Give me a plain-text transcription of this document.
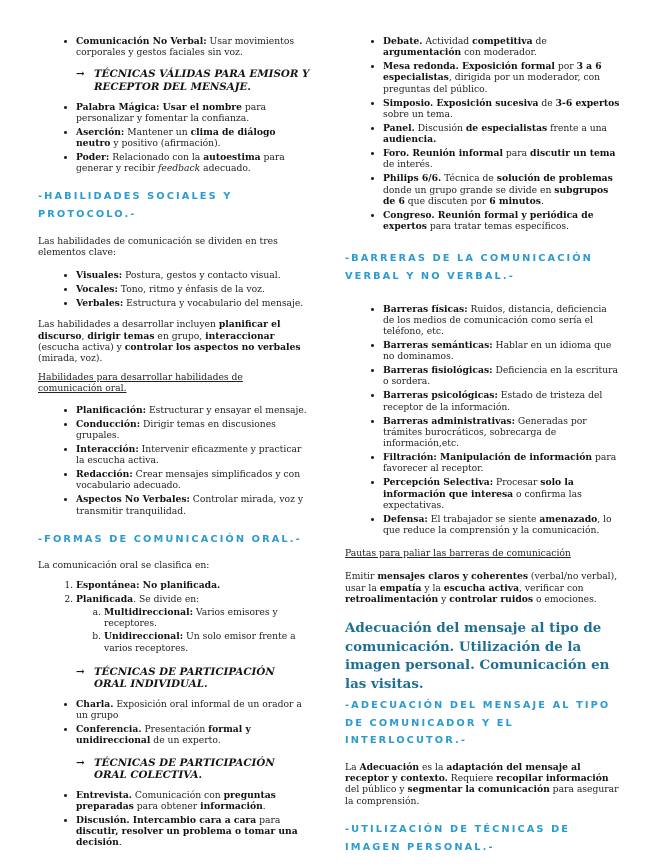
• Comunicación No Verbal: Usar movimientos corporales y gestos faciales sin voz.
→ TÉCNICAS VÁLIDAS PARA EMISOR Y RECEPTOR DEL MENSAJE.
• Palabra Mágica: Usar el nombre para personalizar y fomentar la confianza.
• Aserción: Mantener un clima de diálogo neutro y positivo (afirmación).
• Poder: Relacionado con la autoestima para generar y recibir feedback adecuado.
-HABILIDADES SOCIALES Y PROTOCOLO.-

Las habilidades de comunicación se dividen en tres elementos clave:

• Visuales: Postura, gestos y contacto visual.
• Vocales: Tono, ritmo y énfasis de la voz.
• Verbales: Estructura y vocabulario del mensaje.

Las habilidades a desarrollar incluyen planificar el discurso, dirigir temas en grupo, interaccionar (escucha activa) y controlar los aspectos no verbales (mirada, voz).

Habilidades para desarrollar habilidades de comunicación oral.
• Planificación: Estructurar y ensayar el mensaje.
• Conducción: Dirigir temas en discusiones grupales.
• Interacción: Intervenir eficazmente y practicar la escucha activa.
• Redacción: Crear mensajes simplificados y con vocabulario adecuado.
• Aspectos No Verbales: Controlar mirada, voz y transmitir tranquilidad.
-FORMAS DE COMUNICACIÓN ORAL.-

La comunicación oral se clasifica en:

1. Espontánea: No planificada.
2. Planificada. Se divide en:
a. Multidireccional: Varios emisores y receptores.
b. Unidireccional: Un solo emisor frente a varios receptores.
→ TÉCNICAS DE PARTICIPACIÓN ORAL INDIVIDUAL.
• Charla. Exposición oral informal de un orador a un grupo
• Conferencia. Presentación formal y unidireccional de un experto.
→ TÉCNICAS DE PARTICIPACIÓN ORAL COLECTIVA.
• Entrevista. Comunicación con preguntas preparadas para obtener información.
• Discusión. Intercambio cara a cara para discutir, resolver un problema o tomar una decisión.
• Debate. Actividad competitiva de argumentación con moderador.
• Mesa redonda. Exposición formal por 3 a 6 especialistas, dirigida por un moderador, con preguntas del público.
• Simposio. Exposición sucesiva de 3-6 expertos sobre un tema.
• Panel. Discusión de especialistas frente a una audiencia.
• Foro. Reunión informal para discutir un tema de interés.
• Philips 6/6. Técnica de solución de problemas donde un grupo grande se divide en subgrupos de 6 que discuten por 6 minutos.
• Congreso. Reunión formal y periódica de expertos para tratar temas específicos.
-BARRERAS DE LA COMUNICACIÓN VERBAL Y NO VERBAL.-
• Barreras físicas: Ruidos, distancia, deficiencia de los medios de comunicación como sería el teléfono, etc.
• Barreras semánticas: Hablar en un idioma que no dominamos.
• Barreras fisiológicas: Deficiencia en la escritura o sordera.
• Barreras psicológicas: Estado de tristeza del receptor de la información.
• Barreras administrativas: Generadas por trámites burocráticos, sobrecarga de información,etc.
• Filtración: Manipulación de información para favorecer al receptor.
• Percepción Selectiva: Procesar solo la información que interesa o confirma las expectativas.
• Defensa: El trabajador se siente amenazado, lo que reduce la comprensión y la comunicación.
Pautas para paliar las barreras de comunicación

Emitir mensajes claros y coherentes (verbal/no verbal), usar la empatía y la escucha activa, verificar con retroalimentación y controlar ruidos o emociones.

Adecuación del mensaje al tipo de comunicación. Utilización de la imagen personal. Comunicación en las visitas.
-ADECUACIÓN DEL MENSAJE AL TIPO DE COMUNICADOR Y EL INTERLOCUTOR.-

La Adecuación es la adaptación del mensaje al receptor y contexto. Requiere recopilar información del público y segmentar la comunicación para asegurar la comprensión.

-UTILIZACIÓN DE TÉCNICAS DE IMAGEN PERSONAL.-
